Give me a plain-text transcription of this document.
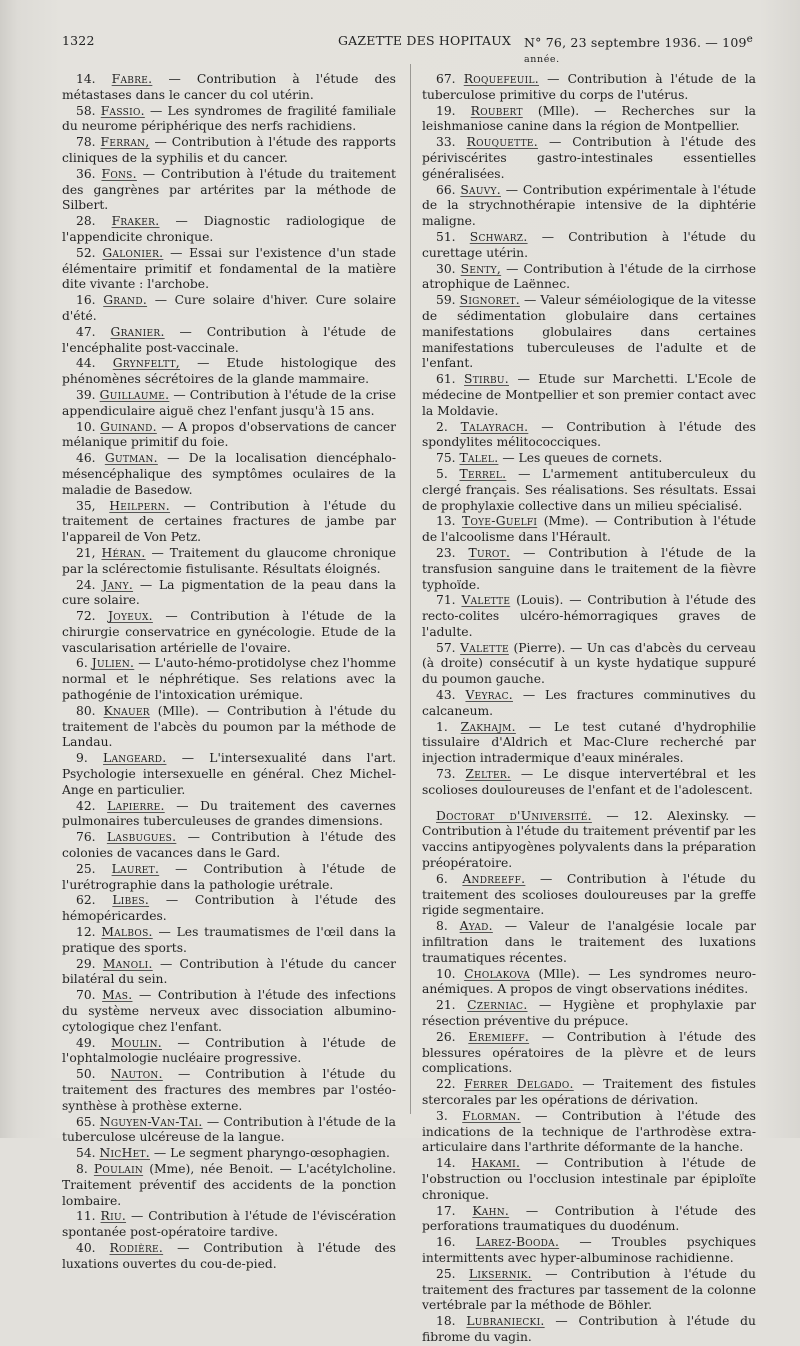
1322	GAZETTE DES HOPITAUX N° 76, 23 septembre 1936. — 109e année.

14. Fabre. — Contribution à l'étude des métastases dans le cancer du col utérin.

58. Fassio. — Les syndromes de fragilité familiale du neurome périphérique des nerfs rachidiens.

78. Ferran, — Contribution à l'étude des rapports cliniques de la syphilis et du cancer.

36. Fons. — Contribution à l'étude du traitement des gangrènes par artérites par la méthode de Silbert.

28. Fraker. — Diagnostic radiologique de l'appendicite chronique.

52. Galonier. — Essai sur l'existence d'un stade élémentaire primitif et fondamental de la matière dite vivante : l'archobe.

16. Grand. — Cure solaire d'hiver. Cure solaire d'été.

47. Granier. — Contribution à l'étude de l'encéphalite post-vaccinale.

44. Grynfeltt, — Etude histologique des phénomènes sécrétoires de la glande mammaire.

39. Guillaume. — Contribution à l'étude de la crise appendiculaire aiguë chez l'enfant jusqu'à 15 ans.

10. Guinand. — A propos d'observations de cancer mélanique primitif du foie.

46. Gutman. — De la localisation diencéphalo-mésencéphalique des symptômes oculaires de la maladie de Basedow.

35, Heilpern. — Contribution à l'étude du traitement de certaines fractures de jambe par l'appareil de Von Petz.

21, Héran. — Traitement du glaucome chronique par la sclérectomie fistulisante. Résultats éloignés.

24. Jany. — La pigmentation de la peau dans la cure solaire.

72. Joyeux. — Contribution à l'étude de la chirurgie conservatrice en gynécologie. Etude de la vascularisation artérielle de l'ovaire.

6. Julien. — L'auto-hémo-protidolyse chez l'homme normal et le néphrétique. Ses relations avec la pathogénie de l'intoxication urémique.

80. Knauer (Mlle). — Contribution à l'étude du traitement de l'abcès du poumon par la méthode de Landau.

9. Langeard. — L'intersexualité dans l'art. Psychologie intersexuelle en général. Chez Michel-Ange en particulier.

42. Lapierre. — Du traitement des cavernes pulmonaires tuberculeuses de grandes dimensions.

76. Lasbugues. — Contribution à l'étude des colonies de vacances dans le Gard.

25. Lauret. — Contribution à l'étude de l'urétrographie dans la pathologie urétrale.

62. Libes. — Contribution à l'étude des hémopéricardes.

12. Malbos. — Les traumatismes de l'œil dans la pratique des sports.

29. Manoli. — Contribution à l'étude du cancer bilatéral du sein.

70. Mas. — Contribution à l'étude des infections du système nerveux avec dissociation albumino-cytologique chez l'enfant.

49. Moulin. — Contribution à l'étude de l'ophtalmologie nucléaire progressive.

50. Nauton. — Contribution à l'étude du traitement des fractures des membres par l'ostéo-synthèse à prothèse externe.

65. Nguyen-Van-Tai. — Contribution à l'étude de la tuberculose ulcéreuse de la langue.

54. NicHet. — Le segment pharyngo-œsophagien.

8. Poulain (Mme), née Benoit. — L'acétylcholine. Traitement préventif des accidents de la ponction lombaire.

11. Riu. — Contribution à l'étude de l'éviscération spontanée post-opératoire tardive.

40. Rodière. — Contribution à l'étude des luxations ouvertes du cou-de-pied.

67. Roquefeuil. — Contribution à l'étude de la tuberculose primitive du corps de l'utérus.

19. Roubert (Mlle). — Recherches sur la leishmaniose canine dans la région de Montpellier.

33. Rouquette. — Contribution à l'étude des périviscérites gastro-intestinales essentielles généralisées.

66. Sauvy. — Contribution expérimentale à l'étude de la strychnothérapie intensive de la diphtérie maligne.

51. Schwarz. — Contribution à l'étude du curettage utérin.

30. Senty, — Contribution à l'étude de la cirrhose atrophique de Laënnec.

59. Signoret. — Valeur séméiologique de la vitesse de sédimentation globulaire dans certaines manifestations globulaires dans certaines manifestations tuberculeuses de l'adulte et de l'enfant.

61. Stirbu. — Etude sur Marchetti. L'Ecole de médecine de Montpellier et son premier contact avec la Moldavie.

2. Talayrach. — Contribution à l'étude des spondylites mélitococciques.

75. Talel. — Les queues de cornets.

5. Terrel. — L'armement antituberculeux du clergé français. Ses réalisations. Ses résultats. Essai de prophylaxie collective dans un milieu spécialisé.

13. Toye-Guelfi (Mme). — Contribution à l'étude de l'alcoolisme dans l'Hérault.

23. Turot. — Contribution à l'étude de la transfusion sanguine dans le traitement de la fièvre typhoïde.

71. Valette (Louis). — Contribution à l'étude des recto-colites ulcéro-hémorragiques graves de l'adulte.

57. Valette (Pierre). — Un cas d'abcès du cerveau (à droite) consécutif à un kyste hydatique suppuré du poumon gauche.

43. Veyrac. — Les fractures comminutives du calcaneum.

1. Zakhajm. — Le test cutané d'hydrophilie tissulaire d'Aldrich et Mac-Clure recherché par injection intradermique d'eaux minérales.

73. Zelter. — Le disque intervertébral et les scolioses douloureuses de l'enfant et de l'adolescent.

Doctorat d'Université. — 12. Alexinsky. — Contribution à l'étude du traitement préventif par les vaccins antipyogènes polyvalents dans la préparation préopératoire.

6. Andreeff. — Contribution à l'étude du traitement des scolioses douloureuses par la greffe rigide segmentaire.

8. Ayad. — Valeur de l'analgésie locale par infiltration dans le traitement des luxations traumatiques récentes.

10. Cholakova (Mlle). — Les syndromes neuro-anémiques. A propos de vingt observations inédites.

21. Czerniac. — Hygiène et prophylaxie par résection préventive du prépuce.

26. Eremieff. — Contribution à l'étude des blessures opératoires de la plèvre et de leurs complications.

22. Ferrer Delgado. — Traitement des fistules stercorales par les opérations de dérivation.

3. Florman. — Contribution à l'étude des indications de la technique de l'arthrodèse extra-articulaire dans l'arthrite déformante de la hanche.

14. Hakami. — Contribution à l'étude de l'obstruction ou l'occlusion intestinale par épiploïte chronique.

17. Kahn. — Contribution à l'étude des perforations traumatiques du duodénum.

16. Larez-Booda. — Troubles psychiques intermittents avec hyper-albuminose rachidienne.

25. Liksernik. — Contribution à l'étude du traitement des fractures par tassement de la colonne vertébrale par la méthode de Böhler.

18. Lubraniecki. — Contribution à l'étude du fibrome du vagin.
